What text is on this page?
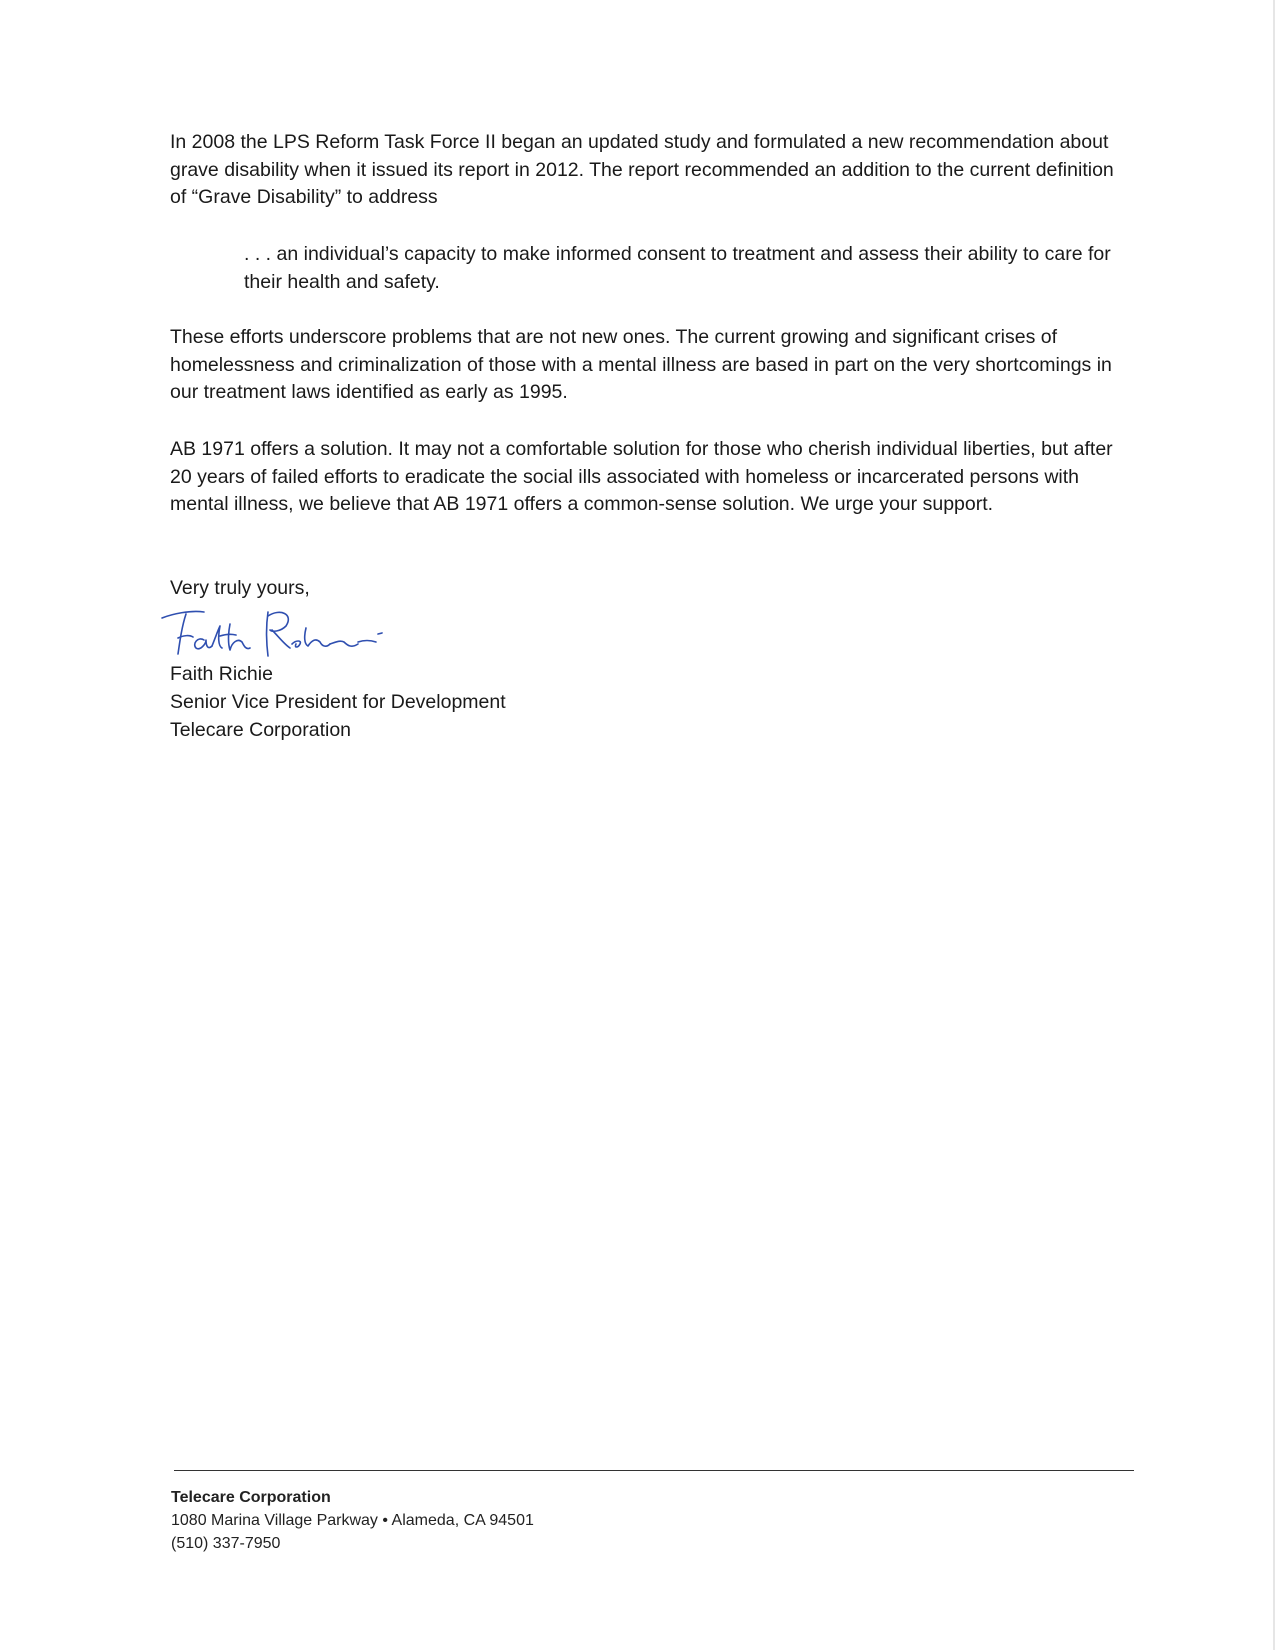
In 2008 the LPS Reform Task Force II began an updated study and formulated a new recommendation about grave disability when it issued its report in 2012. The report recommended an addition to the current definition of “Grave Disability” to address

. . . an individual’s capacity to make informed consent to treatment and assess their ability to care for their health and safety.

These efforts underscore problems that are not new ones. The current growing and significant crises of homelessness and criminalization of those with a mental illness are based in part on the very shortcomings in our treatment laws identified as early as 1995.

AB 1971 offers a solution. It may not a comfortable solution for those who cherish individual liberties, but after 20 years of failed efforts to eradicate the social ills associated with homeless or incarcerated persons with mental illness, we believe that AB 1971 offers a common-sense solution. We urge your support.

Very truly yours,

Faith Richie
Senior Vice President for Development
Telecare Corporation
Telecare Corporation
1080 Marina Village Parkway • Alameda, CA 94501
(510) 337-7950
